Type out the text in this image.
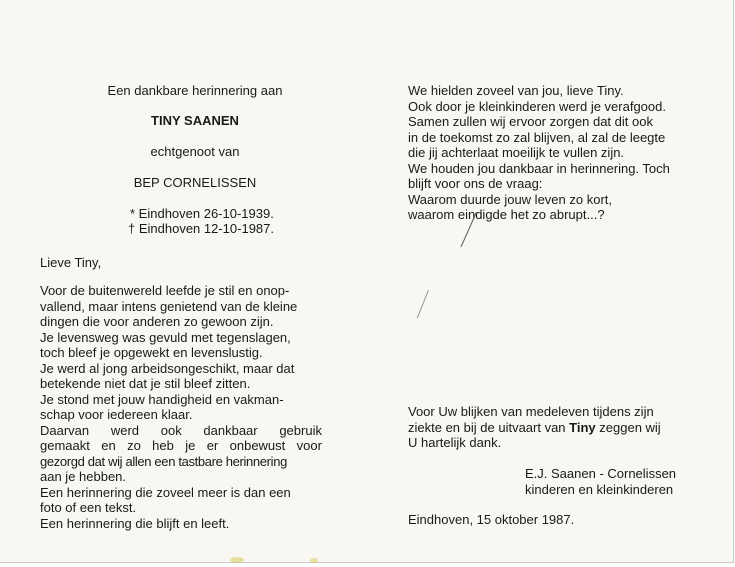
Een dankbare herinnering aan
TINY SAANEN
echtgenoot van
BEP CORNELISSEN
* Eindhoven 26-10-1939.
† Eindhoven 12-10-1987.
Lieve Tiny,
Voor de buitenwereld leefde je stil en onop-
vallend, maar intens genietend van de kleine
dingen die voor anderen zo gewoon zijn.
Je levensweg was gevuld met tegenslagen,
toch bleef je opgewekt en levenslustig.
Je werd al jong arbeidsongeschikt, maar dat
betekende niet dat je stil bleef zitten.
Je stond met jouw handigheid en vakman-
schap voor iedereen klaar.
Daarvan werd ook dankbaar gebruik
gemaakt en zo heb je er onbewust voor
gezorgd dat wij allen een tastbare herinnering
aan je hebben.
Een herinnering die zoveel meer is dan een
foto of een tekst.
Een herinnering die blijft en leeft.
We hielden zoveel van jou, lieve Tiny.
Ook door je kleinkinderen werd je verafgood.
Samen zullen wij ervoor zorgen dat dit ook
in de toekomst zo zal blijven, al zal de leegte
die jij achterlaat moeilijk te vullen zijn.
We houden jou dankbaar in herinnering. Toch
blijft voor ons de vraag:
Waarom duurde jouw leven zo kort,
waarom eindigde het zo abrupt...?
Voor Uw blijken van medeleven tijdens zijn
ziekte en bij de uitvaart van Tiny zeggen wij
U hartelijk dank.
E.J. Saanen - Cornelissen
kinderen en kleinkinderen
Eindhoven, 15 oktober 1987.
